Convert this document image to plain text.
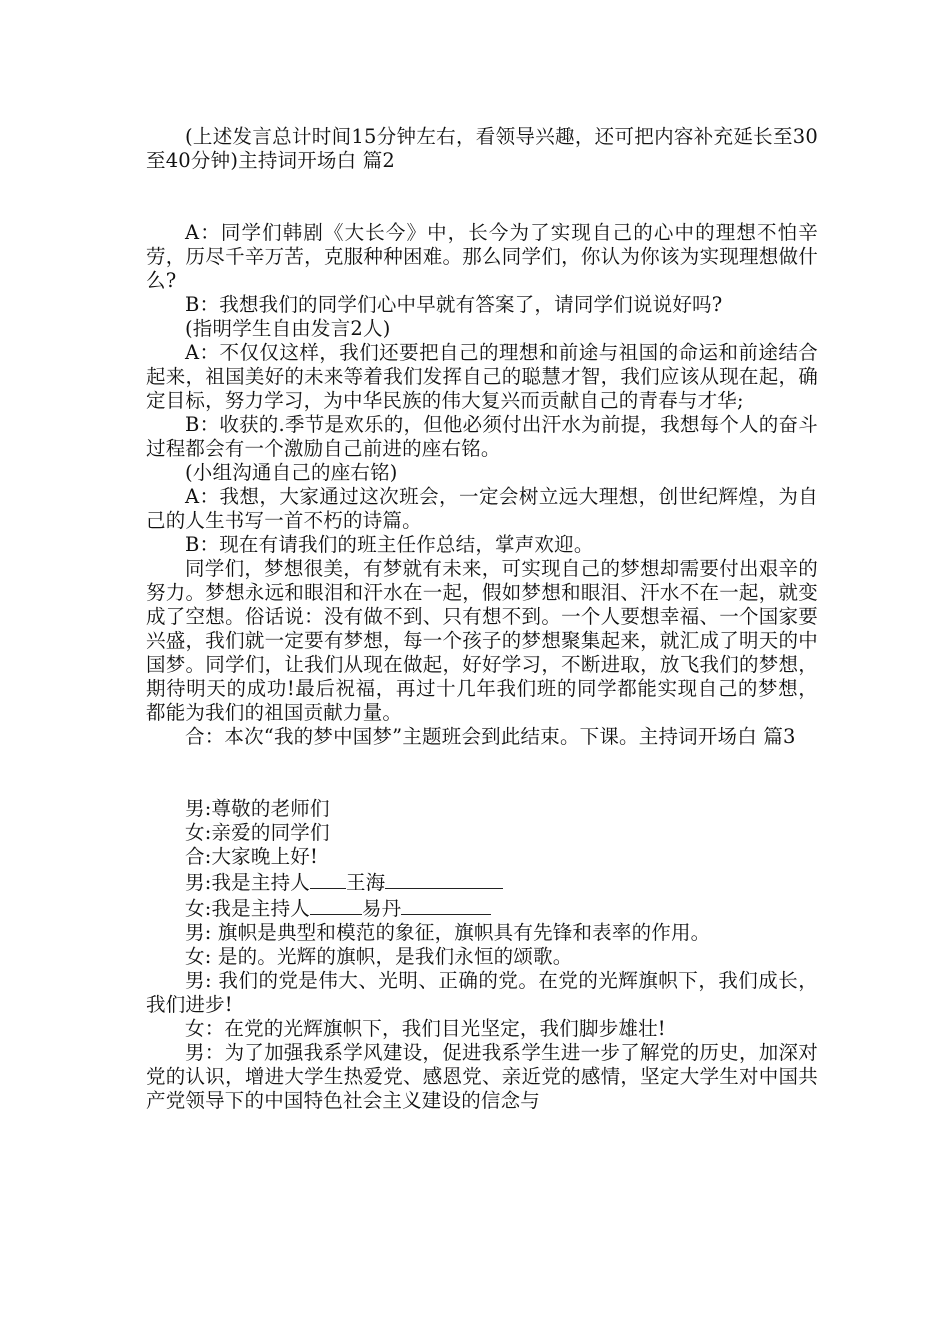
(上述发言总计时间15分钟左右，看领导兴趣，还可把内容补充延长至30至40分钟)主持词开场白 篇2

A：同学们韩剧《大长今》中，长今为了实现自己的心中的理想不怕辛劳，历尽千辛万苦，克服种种困难。那么同学们，你认为你该为实现理想做什么?

B：我想我们的同学们心中早就有答案了，请同学们说说好吗?

(指明学生自由发言2人)

A：不仅仅这样，我们还要把自己的理想和前途与祖国的命运和前途结合起来，祖国美好的未来等着我们发挥自己的聪慧才智，我们应该从现在起，确定目标，努力学习，为中华民族的伟大复兴而贡献自己的青春与才华;

B：收获的.季节是欢乐的，但他必须付出汗水为前提，我想每个人的奋斗过程都会有一个激励自己前进的座右铭。

(小组沟通自己的座右铭)

A：我想，大家通过这次班会，一定会树立远大理想，创世纪辉煌，为自己的人生书写一首不朽的诗篇。

B：现在有请我们的班主任作总结，掌声欢迎。

同学们，梦想很美，有梦就有未来，可实现自己的梦想却需要付出艰辛的努力。梦想永远和眼泪和汗水在一起，假如梦想和眼泪、汗水不在一起，就变成了空想。俗话说：没有做不到、只有想不到。一个人要想幸福、一个国家要兴盛，我们就一定要有梦想，每一个孩子的梦想聚集起来，就汇成了明天的中国梦。同学们，让我们从现在做起，好好学习，不断进取，放飞我们的梦想，期待明天的成功!最后祝福，再过十几年我们班的同学都能实现自己的梦想，都能为我们的祖国贡献力量。

合：本次“我的梦中国梦”主题班会到此结束。下课。主持词开场白 篇3

男:尊敬的老师们

女:亲爱的同学们

合:大家晚上好!

男:我是主持人 王海

女:我是主持人	易丹

男: 旗帜是典型和模范的象征，旗帜具有先锋和表率的作用。

女: 是的。光辉的旗帜，是我们永恒的颂歌。

男: 我们的党是伟大、光明、正确的党。在党的光辉旗帜下，我们成长，我们进步!

女：在党的光辉旗帜下，我们目光坚定，我们脚步雄壮!

男：为了加强我系学风建设，促进我系学生进一步了解党的历史，加深对党的认识，增进大学生热爱党、感恩党、亲近党的感情，坚定大学生对中国共产党领导下的中国特色社会主义建设的信念与
